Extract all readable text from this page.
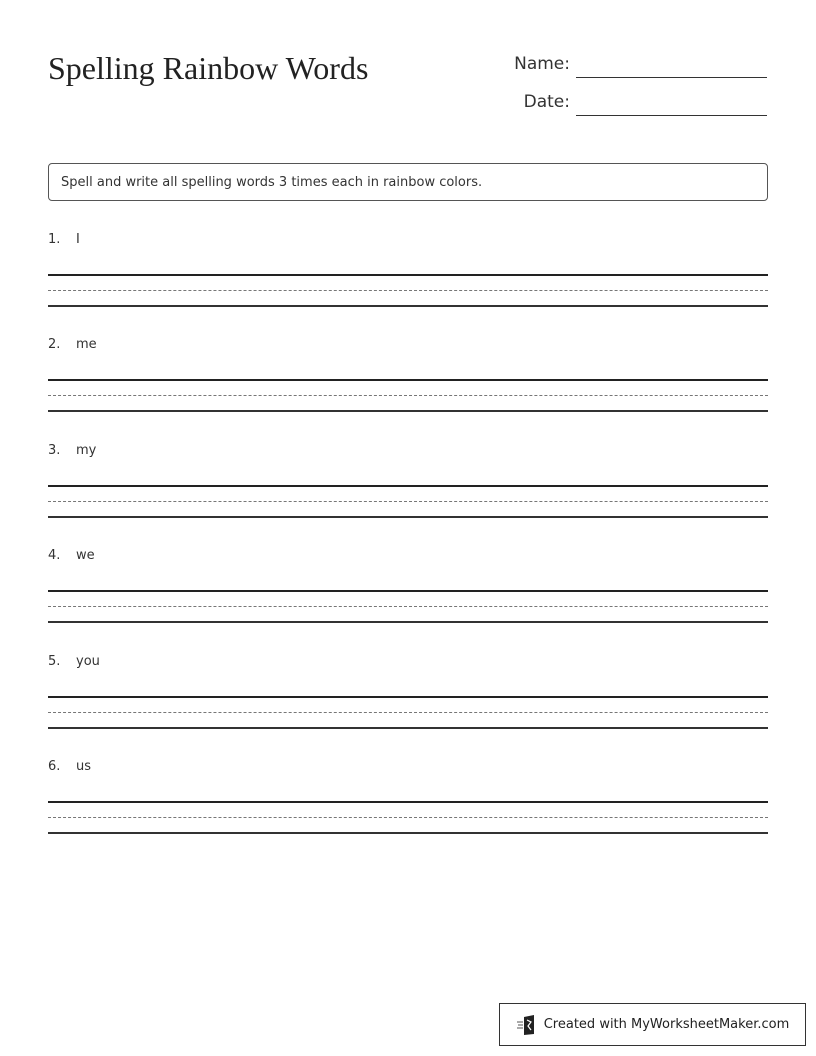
Spelling Rainbow Words	Name:
Date:
Spell and write all spelling words 3 times each in rainbow colors.
1. I
2. me
3. my
4. we
5. you
6. us
Created with MyWorksheetMaker.com
